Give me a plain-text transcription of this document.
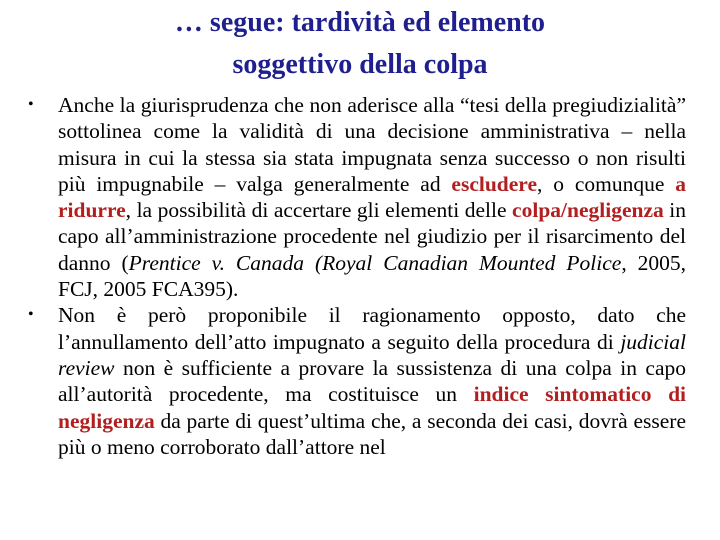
… segue: tardività ed elemento
soggettivo della colpa
• Anche la giurisprudenza che non aderisce alla “tesi della pregiudizialità” sottolinea come la validità di una decisione amministrativa – nella misura in cui la stessa sia stata impugnata senza successo o non risulti più impugnabile – valga generalmente ad escludere, o comunque a ridurre, la possibilità di accertare gli elementi delle colpa/negligenza in capo all’amministrazione procedente nel giudizio per il risarcimento del danno (Prentice v. Canada (Royal Canadian Mounted Police, 2005, FCJ, 2005 FCA395).
• Non è però proponibile il ragionamento opposto, dato che l’annullamento dell’atto impugnato a seguito della procedura di judicial review non è sufficiente a provare la sussistenza di una colpa in capo all’autorità procedente, ma costituisce un indice sintomatico di negligenza da parte di quest’ultima che, a seconda dei casi, dovrà essere più o meno corroborato dall’attore nel
